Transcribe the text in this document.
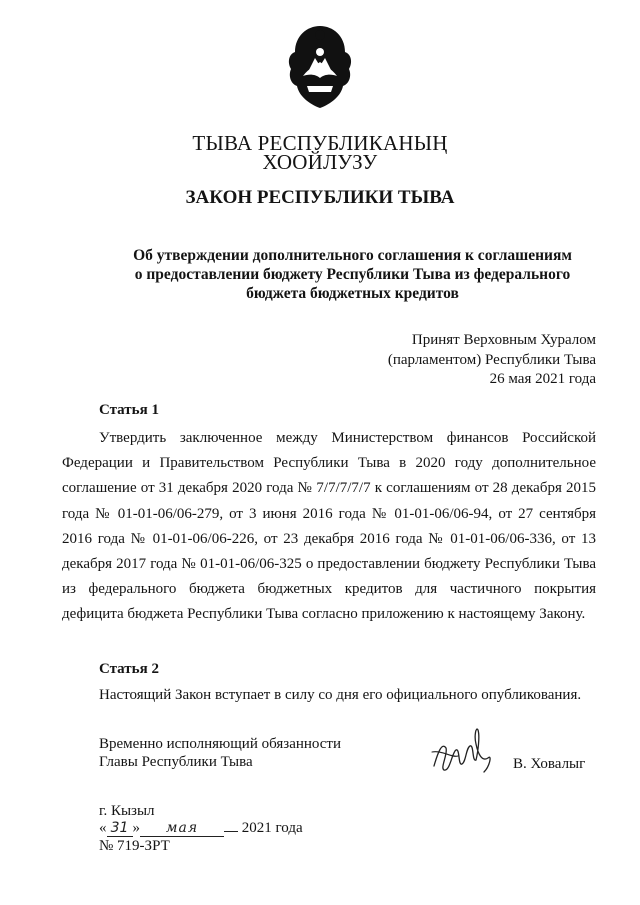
ТЫВА РЕСПУБЛИКАНЫҢ
ХООЙЛУЗУ
ЗАКОН РЕСПУБЛИКИ ТЫВА
Об утверждении дополнительного соглашения к соглашениям
о предоставлении бюджету Республики Тыва из федерального
бюджета бюджетных кредитов
Принят Верховным Хуралом
(парламентом) Республики Тыва
26 мая 2021 года
Статья 1
Утвердить заключенное между Министерством финансов Российской Федерации и Правительством Республики Тыва в 2020 году дополнительное соглашение от 31 декабря 2020 года № 7/7/7/7/7 к соглашениям от 28 декабря 2015 года № 01-01-06/06-279, от 3 июня 2016 года № 01-01-06/06-94, от 27 сентября 2016 года № 01-01-06/06-226, от 23 декабря 2016 года № 01-01-06/06-336, от 13 декабря 2017 года № 01-01-06/06-325 о предоставлении бюджету Республики Тыва из федерального бюджета бюджетных кредитов для частичного покрытия дефицита бюджета Республики Тыва согласно приложению к настоящему Закону.
Статья 2
Настоящий Закон вступает в силу со дня его официального опубликования.
Временно исполняющий обязанности
Главы Республики Тыва	В. Ховалыг
г. Кызыл
« 31 » мая	2021 года
№ 719-ЗРТ
